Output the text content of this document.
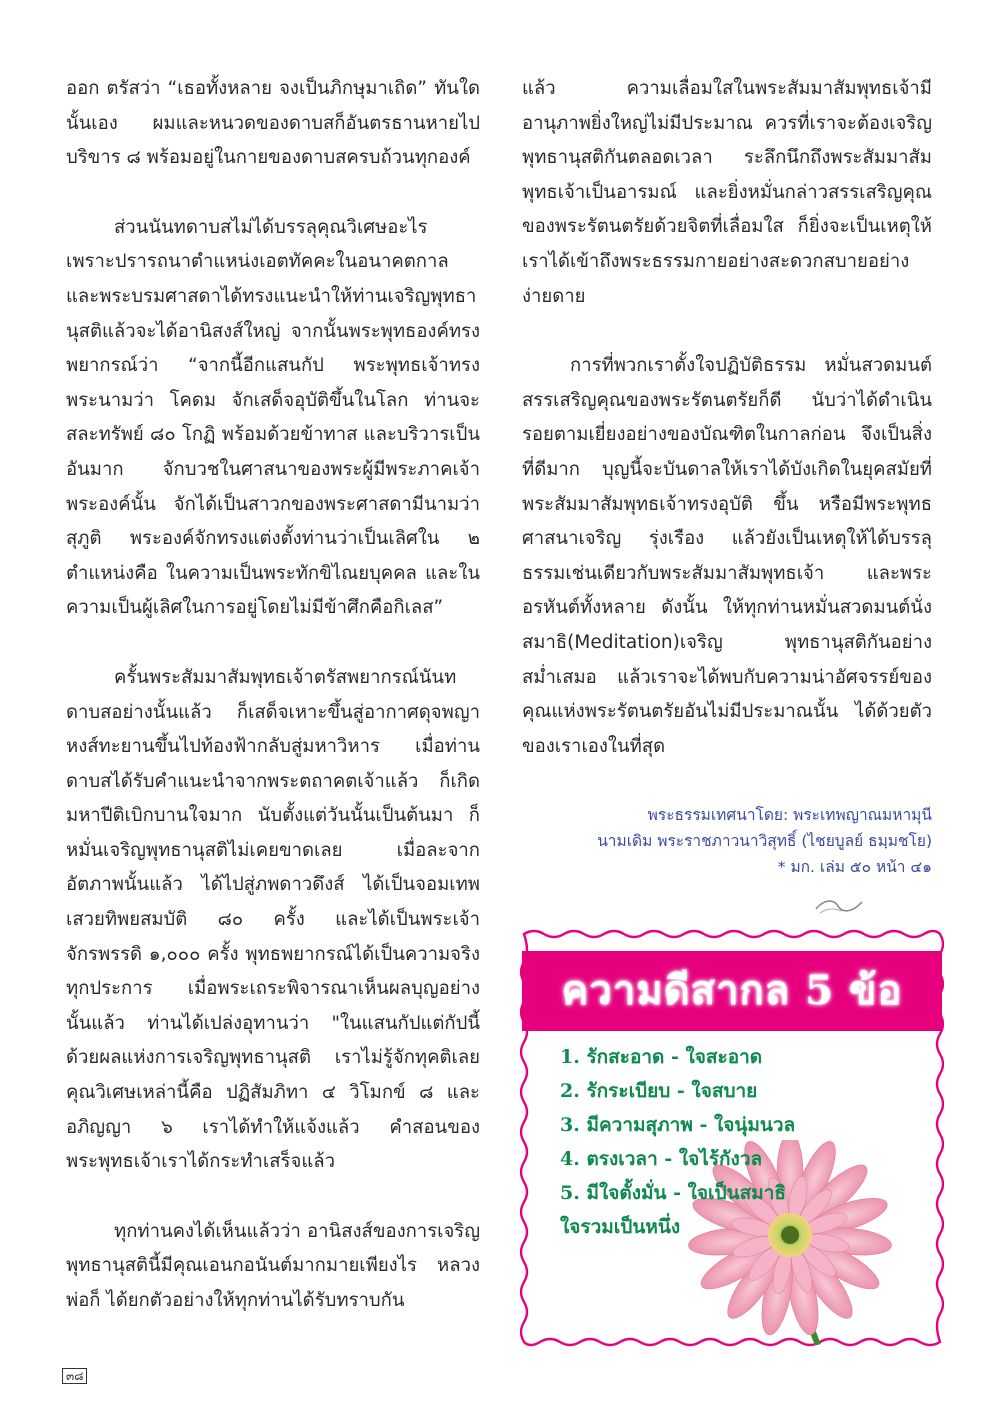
ออก ตรัสว่า “เธอทั้งหลาย จงเป็นภิกษุมาเถิด” ทันใดนั้นเอง ผมและหนวดของดาบสก็อันตรธานหายไป บริขาร ๘ พร้อมอยู่ในกายของดาบสครบถ้วนทุกองค์

ส่วนนันทดาบสไม่ได้บรรลุคุณวิเศษอะไร เพราะปรารถนาตำแหน่งเอตทัคคะในอนาคตกาล และพระบรมศาสดาได้ทรงแนะนำให้ท่านเจริญพุทธานุสติแล้วจะได้อานิสงส์ใหญ่ จากนั้นพระพุทธองค์ทรงพยากรณ์ว่า “จากนี้อีกแสนกัป พระพุทธเจ้าทรงพระนามว่า โคดม จักเสด็จอุบัติขึ้นในโลก ท่านจะสละทรัพย์ ๘๐ โกฏิ พร้อมด้วยข้าทาส และบริวารเป็นอันมาก จักบวชในศาสนาของพระผู้มีพระภาคเจ้าพระองค์นั้น จักได้เป็นสาวกของพระศาสดามีนามว่า สุภูติ พระองค์จักทรงแต่งตั้งท่านว่าเป็นเลิศใน ๒ ตำแหน่งคือ ในความเป็นพระทักขิไณยบุคคล และในความเป็นผู้เลิศในการอยู่โดยไม่มีข้าศึกคือกิเลส”

ครั้นพระสัมมาสัมพุทธเจ้าตรัสพยากรณ์นันทดาบสอย่างนั้นแล้ว ก็เสด็จเหาะขึ้นสู่อากาศดุจพญาหงส์ทะยานขึ้นไปท้องฟ้ากลับสู่มหาวิหาร เมื่อท่านดาบสได้รับคำแนะนำจากพระตถาคตเจ้าแล้ว ก็เกิดมหาปีติเบิกบานใจมาก นับตั้งแต่วันนั้นเป็นต้นมา ก็หมั่นเจริญพุทธานุสติไม่เคยขาดเลย เมื่อละจากอัตภาพนั้นแล้ว ได้ไปสู่ภพดาวดึงส์ ได้เป็นจอมเทพเสวยทิพยสมบัติ ๘๐ ครั้ง และได้เป็นพระเจ้าจักรพรรดิ ๑,๐๐๐ ครั้ง พุทธพยากรณ์ได้เป็นความจริงทุกประการ เมื่อพระเถระพิจารณาเห็นผลบุญอย่าง นั้นแล้ว ท่านได้เปล่งอุทานว่า "ในแสนกัปแต่กัปนี้ ด้วยผลแห่งการเจริญพุทธานุสติ เราไม่รู้จักทุคติเลย คุณวิเศษเหล่านี้คือ ปฏิสัมภิทา ๔ วิโมกข์ ๘ และอภิญญา ๖ เราได้ทำให้แจ้งแล้ว คำสอนของพระพุทธเจ้าเราได้กระทำเสร็จแล้ว

ทุกท่านคงได้เห็นแล้วว่า อานิสงส์ของการเจริญพุทธานุสตินี้มีคุณเอนกอนันต์มากมายเพียงไร หลวงพ่อก็ ได้ยกตัวอย่างให้ทุกท่านได้รับทราบกัน

แล้ว ความเลื่อมใสในพระสัมมาสัมพุทธเจ้ามีอานุภาพยิ่งใหญ่ไม่มีประมาณ ควรที่เราจะต้องเจริญพุทธานุสติกันตลอดเวลา ระลึกนึกถึงพระสัมมาสัมพุทธเจ้าเป็นอารมณ์ และยิ่งหมั่นกล่าวสรรเสริญคุณของพระรัตนตรัยด้วยจิตที่เลื่อมใส ก็ยิ่งจะเป็นเหตุให้เราได้เข้าถึงพระธรรมกายอย่างสะดวกสบายอย่างง่ายดาย

การที่พวกเราตั้งใจปฏิบัติธรรม หมั่นสวดมนต์สรรเสริญคุณของพระรัตนตรัยก็ดี นับว่าได้ดำเนินรอยตามเยี่ยงอย่างของบัณฑิตในกาลก่อน จึงเป็นสิ่งที่ดีมาก บุญนี้จะบันดาลให้เราได้บังเกิดในยุคสมัยที่พระสัมมาสัมพุทธเจ้าทรงอุบัติ ขึ้น หรือมีพระพุทธศาสนาเจริญ รุ่งเรือง แล้วยังเป็นเหตุให้ได้บรรลุธรรมเช่นเดียวกับพระสัมมาสัมพุทธเจ้า และพระอรหันต์ทั้งหลาย ดังนั้น ให้ทุกท่านหมั่นสวดมนต์นั่งสมาธิ(Meditation)เจริญ พุทธานุสติกันอย่างสม่ำเสมอ แล้วเราจะได้พบกับความน่าอัศจรรย์ของคุณแห่งพระรัตนตรัยอันไม่มีประมาณนั้น ได้ด้วยตัวของเราเองในที่สุด

พระธรรมเทศนาโดย: พระเทพญาณมหามุนี
นามเดิม พระราชภาวนาวิสุทธิ์ (ไชยบูลย์ ธมฺมชโย)
* มก. เล่ม ๕๐ หน้า ๔๑
ความดีสากล 5 ข้อ
1. รักสะอาด - ใจสะอาด
2. รักระเบียบ - ใจสบาย
3. มีความสุภาพ - ใจนุ่มนวล
4. ตรงเวลา - ใจไร้กังวล
5. มีใจตั้งมั่น - ใจเป็นสมาธิ
ใจรวมเป็นหนึ่ง
๓๘
